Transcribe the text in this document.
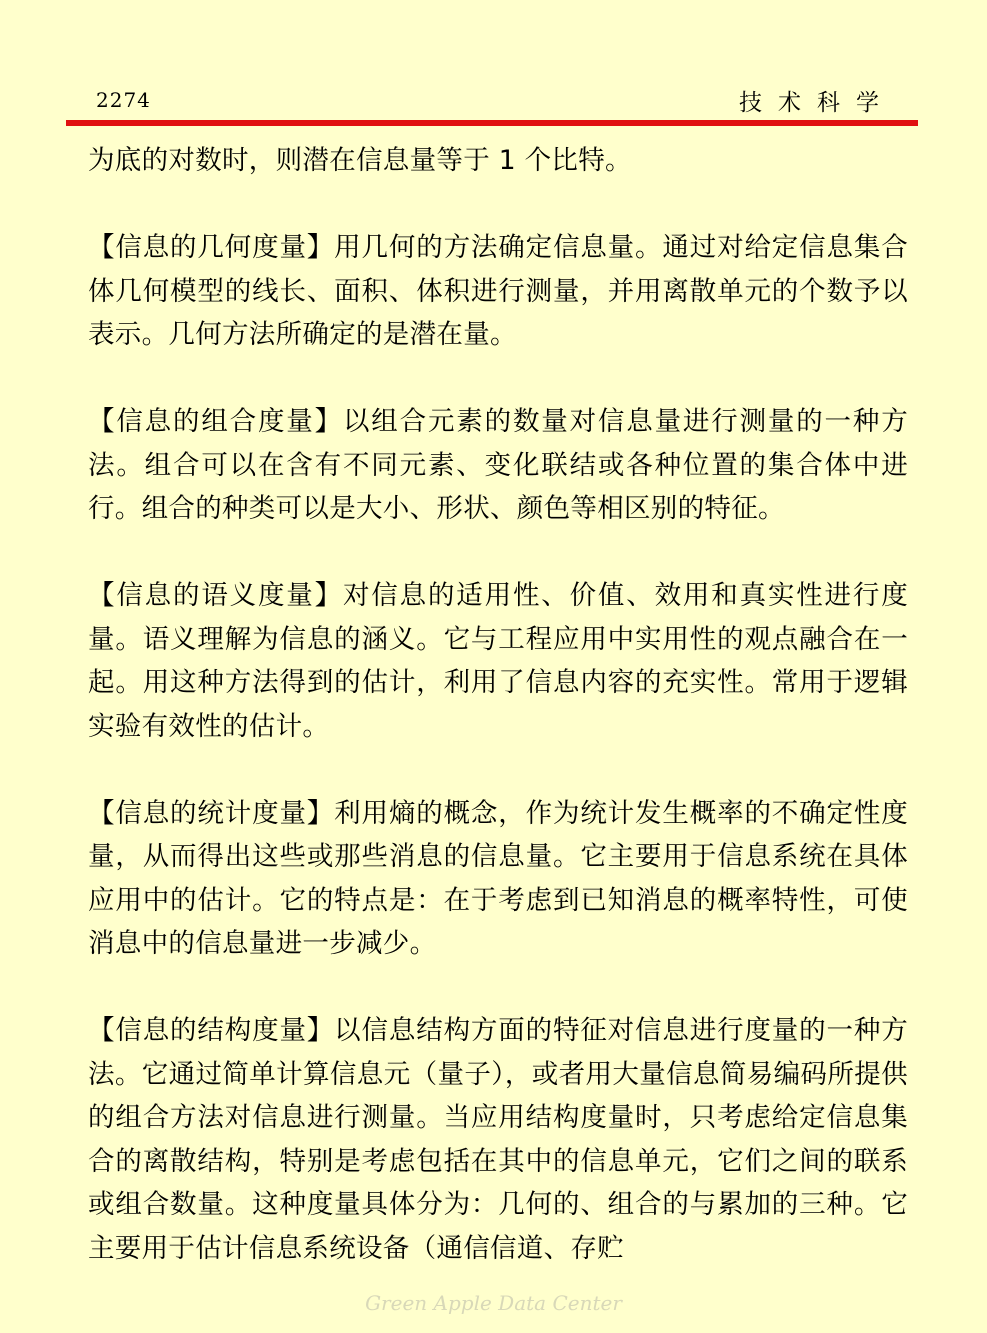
2274	技术科学

为底的对数时，则潜在信息量等于 1 个比特。

【信息的几何度量】用几何的方法确定信息量。通过对给定信息集合体几何模型的线长、面积、体积进行测量，并用离散单元的个数予以表示。几何方法所确定的是潜在量。

【信息的组合度量】以组合元素的数量对信息量进行测量的一种方法。组合可以在含有不同元素、变化联结或各种位置的集合体中进行。组合的种类可以是大小、形状、颜色等相区别的特征。

【信息的语义度量】对信息的适用性、价值、效用和真实性进行度量。语义理解为信息的涵义。它与工程应用中实用性的观点融合在一起。用这种方法得到的估计，利用了信息内容的充实性。常用于逻辑实验有效性的估计。

【信息的统计度量】利用熵的概念，作为统计发生概率的不确定性度量，从而得出这些或那些消息的信息量。它主要用于信息系统在具体应用中的估计。它的特点是：在于考虑到已知消息的概率特性，可使消息中的信息量进一步减少。

【信息的结构度量】以信息结构方面的特征对信息进行度量的一种方法。它通过简单计算信息元（量子），或者用大量信息简易编码所提供的组合方法对信息进行测量。当应用结构度量时，只考虑给定信息集合的离散结构，特别是考虑包括在其中的信息单元，它们之间的联系或组合数量。这种度量具体分为：几何的、组合的与累加的三种。它主要用于估计信息系统设备（通信信道、存贮

Green Apple Data Center
